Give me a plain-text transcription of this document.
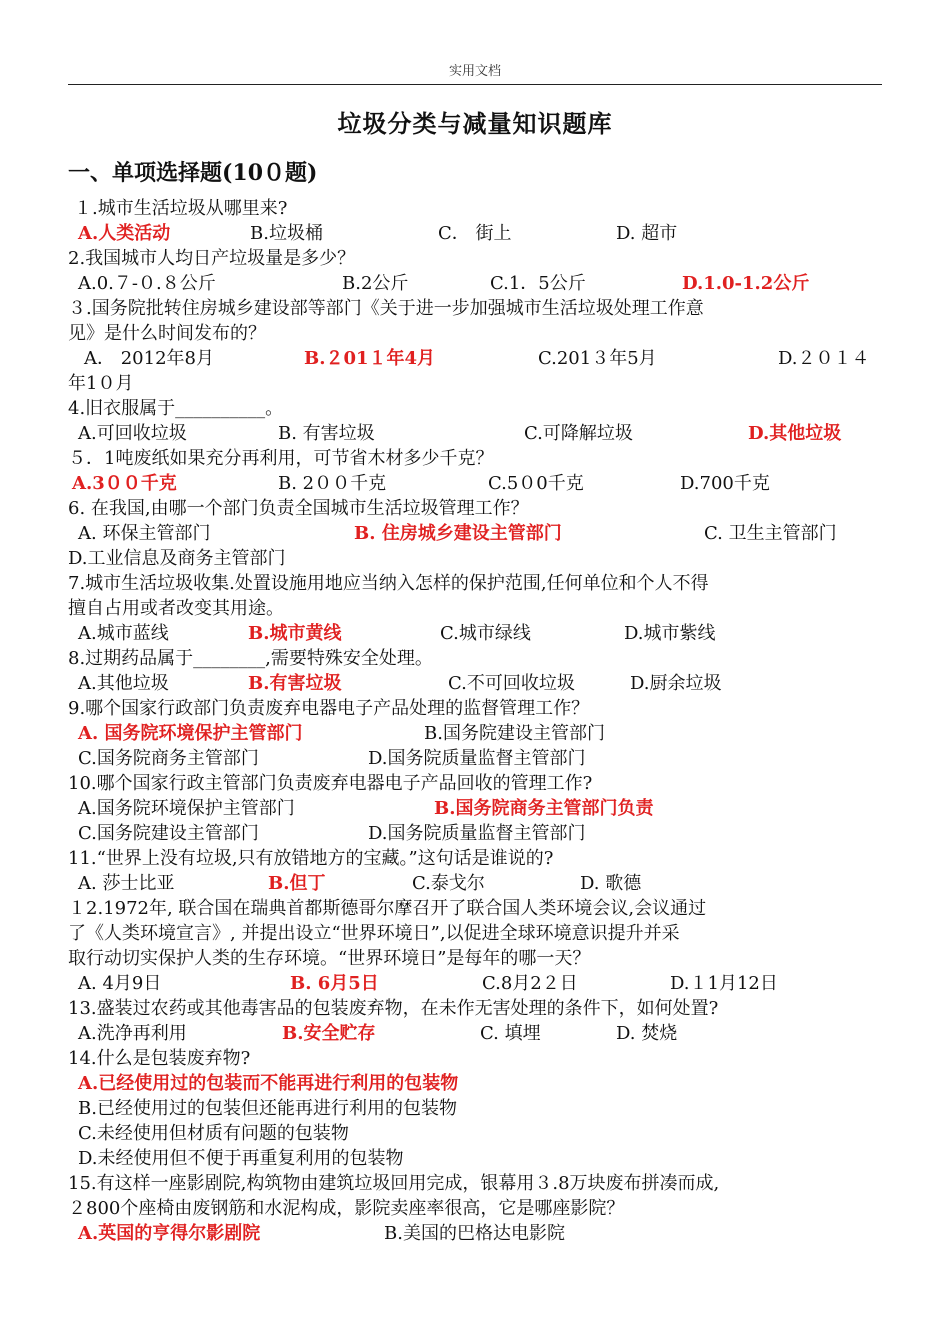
实用文档
垃圾分类与减量知识题库
一、单项选择题(10０题)
１.城市生活垃圾从哪里来?
A.人类活动	B.垃圾桶	C． 街上	D. 超市
2.我国城市人均日产垃圾量是多少？
A.0.７-０.８公斤	B.2公斤	C.1．5公斤	D.1.0-1.2公斤
３.国务院批转住房城乡建设部等部门《关于进一步加强城市生活垃圾处理工作意
见》是什么时间发布的？
A． 2012年8月	B.２01１年4月	C.201３年5月	D.２０１４
年1０月
4.旧衣服属于__________。
A.可回收垃圾	B. 有害垃圾	C.可降解垃圾	D.其他垃圾
５．1吨废纸如果充分再利用，可节省木材多少千克？
A.3００千克	B. 2００千克	C.5０0千克	D.700千克
6. 在我国,由哪一个部门负责全国城市生活垃圾管理工作？
A. 环保主管部门	B. 住房城乡建设主管部门	C. 卫生主管部门
D.工业信息及商务主管部门
7.城市生活垃圾收集.处置设施用地应当纳入怎样的保护范围,任何单位和个人不得
擅自占用或者改变其用途。
A.城市蓝线	B.城市黄线	C.城市绿线	D.城市紫线
8.过期药品属于________,需要特殊安全处理。
A.其他垃圾	B.有害垃圾	C.不可回收垃圾	D.厨余垃圾
9.哪个国家行政部门负责废弃电器电子产品处理的监督管理工作？
A. 国务院环境保护主管部门	B.国务院建设主管部门
C.国务院商务主管部门	D.国务院质量监督主管部门
10.哪个国家行政主管部门负责废弃电器电子产品回收的管理工作?
A.国务院环境保护主管部门	B.国务院商务主管部门负责
C.国务院建设主管部门	D.国务院质量监督主管部门
11.“世界上没有垃圾,只有放错地方的宝藏。”这句话是谁说的?
A. 莎士比亚	B.但丁	C.泰戈尔	D. 歌德
１2.1972年, 联合国在瑞典首都斯德哥尔摩召开了联合国人类环境会议,会议通过
了《人类环境宣言》, 并提出设立“世界环境日”,以促进全球环境意识提升并采
取行动切实保护人类的生存环境。“世界环境日”是每年的哪一天？
A. 4月9日	B. 6月5日	C.8月2２日	D.１1月12日
13.盛装过农药或其他毒害品的包装废弃物，在未作无害处理的条件下，如何处置?
A.洗净再利用	B.安全贮存	C. 填埋	D. 焚烧
14.什么是包装废弃物?
A.已经使用过的包装而不能再进行利用的包装物
B.已经使用过的包装但还能再进行利用的包装物
C.未经使用但材质有问题的包装物
D.未经使用但不便于再重复利用的包装物
15.有这样一座影剧院,构筑物由建筑垃圾回用完成，银幕用３.8万块废布拼凑而成,
２800个座椅由废钢筋和水泥构成，影院卖座率很高，它是哪座影院？
A.英国的亨得尔影剧院	B.美国的巴格达电影院
